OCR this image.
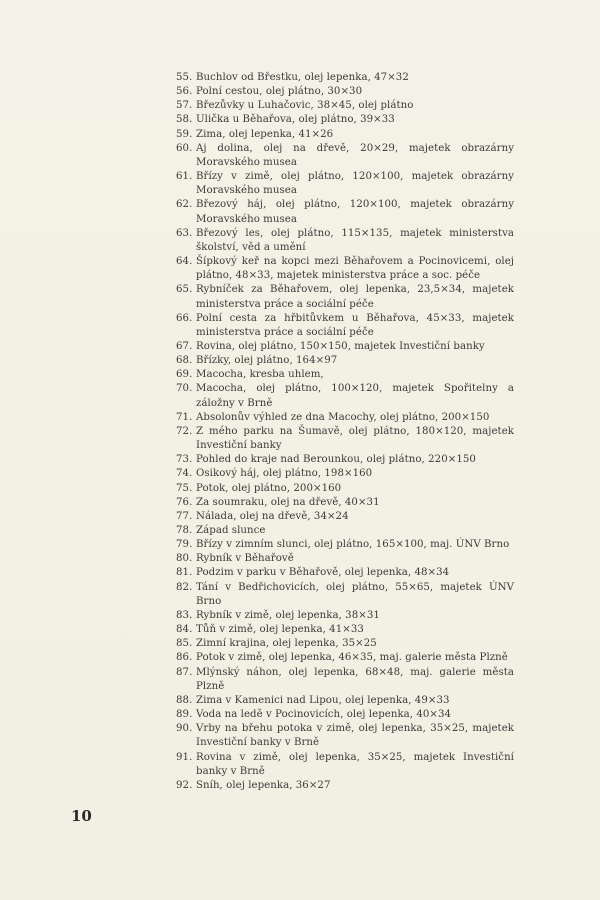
55. Buchlov od Břestku, olej lepenka, 47×32
56. Polní cestou, olej plátno, 30×30
57. Březůvky u Luhačovic, 38×45, olej plátno
58. Ulička u Běhařova, olej plátno, 39×33
59. Zima, olej lepenka, 41×26
60. Aj dolina, olej na dřevě, 20×29, majetek obrazárny Moravského musea
61. Břízy v zimě, olej plátno, 120×100, majetek obrazárny Moravského musea
62. Březový háj, olej plátno, 120×100, majetek obrazárny Moravského musea
63. Březový les, olej plátno, 115×135, majetek ministerstva školství, věd a umění
64. Šípkový keř na kopci mezi Běhařovem a Pocinovicemi, olej plátno, 48×33, majetek ministerstva práce a soc. péče
65. Rybníček za Běhařovem, olej lepenka, 23,5×34, majetek ministerstva práce a sociální péče
66. Polní cesta za hřbitůvkem u Běhařova, 45×33, majetek ministerstva práce a sociální péče
67. Rovina, olej plátno, 150×150, majetek Investiční banky
68. Břízky, olej plátno, 164×97
69. Macocha, kresba uhlem,
70. Macocha, olej plátno, 100×120, majetek Spořitelny a záložny v Brně
71. Absolonův výhled ze dna Macochy, olej plátno, 200×150
72. Z mého parku na Šumavě, olej plátno, 180×120, majetek Investiční banky
73. Pohled do kraje nad Berounkou, olej plátno, 220×150
74. Osikový háj, olej plátno, 198×160
75. Potok, olej plátno, 200×160
76. Za soumraku, olej na dřevě, 40×31
77. Nálada, olej na dřevě, 34×24
78. Západ slunce
79. Břízy v zimním slunci, olej plátno, 165×100, maj. ÚNV Brno
80. Rybník v Běhařově
81. Podzim v parku v Běhařově, olej lepenka, 48×34
82. Tání v Bedřichovicích, olej plátno, 55×65, majetek ÚNV Brno
83. Rybník v zimě, olej lepenka, 38×31
84. Tůň v zimě, olej lepenka, 41×33
85. Zimní krajina, olej lepenka, 35×25
86. Potok v zimě, olej lepenka, 46×35, maj. galerie města Plzně
87. Mlýnský náhon, olej lepenka, 68×48, maj. galerie města Plzně
88. Zima v Kamenici nad Lipou, olej lepenka, 49×33
89. Voda na ledě v Pocinovicích, olej lepenka, 40×34
90. Vrby na břehu potoka v zimě, olej lepenka, 35×25, majetek Investiční banky v Brně
91. Rovina v zimě, olej lepenka, 35×25, majetek Investiční banky v Brně
92. Sníh, olej lepenka, 36×27
10
